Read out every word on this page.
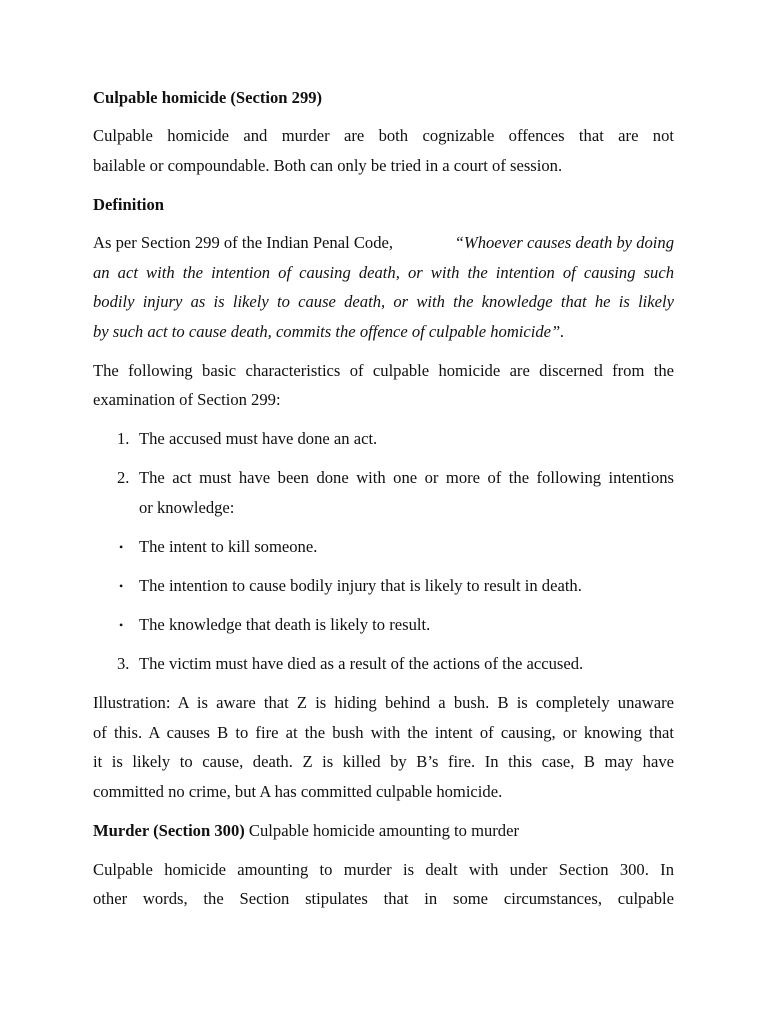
Culpable homicide (Section 299)
Culpable homicide and murder are both cognizable offences that are not
bailable or compoundable. Both can only be tried in a court of session.
Definition
As per Section 299 of the Indian Penal Code,	“Whoever causes death by doing
an act with the intention of causing death, or with the intention of causing such
bodily injury as is likely to cause death, or with the knowledge that he is likely
by such act to cause death, commits the offence of culpable homicide”.
The following basic characteristics of culpable homicide are discerned from the
examination of Section 299:
1. The accused must have done an act.
2. The act must have been done with one or more of the following intentions
or knowledge:
• The intent to kill someone.
• The intention to cause bodily injury that is likely to result in death.
• The knowledge that death is likely to result.
3. The victim must have died as a result of the actions of the accused.
Illustration: A is aware that Z is hiding behind a bush. B is completely unaware
of this. A causes B to fire at the bush with the intent of causing, or knowing that
it is likely to cause, death. Z is killed by B’s fire. In this case, B may have
committed no crime, but A has committed culpable homicide.
Murder (Section 300) Culpable homicide amounting to murder
Culpable homicide amounting to murder is dealt with under Section 300. In
other words, the Section stipulates that in some circumstances, culpable
